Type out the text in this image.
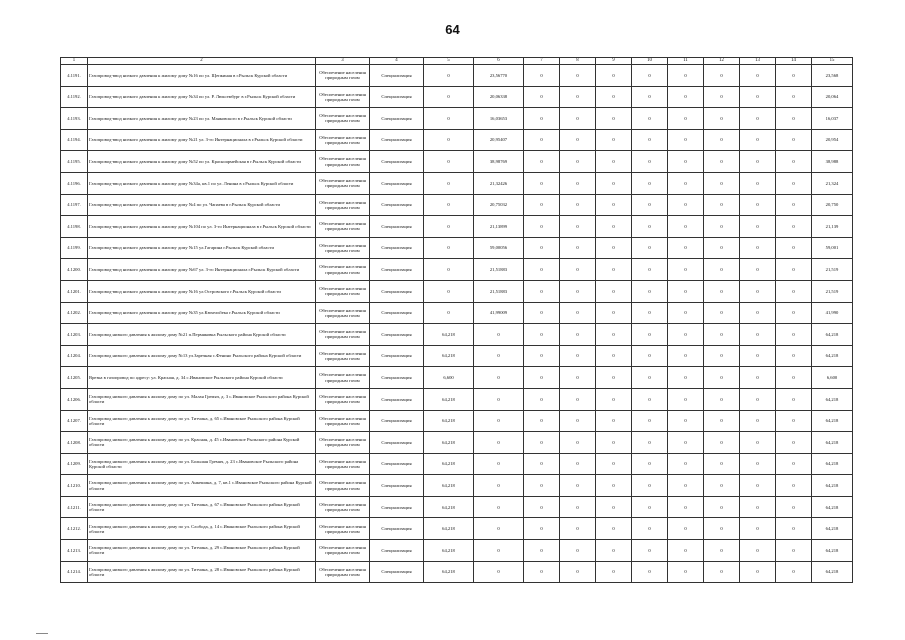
64
1	2	3	4	5	6	7	8	9	10	11	12	13	14	15
4.1191.	Газопровод-ввод низкого давления к жилому дому №16 по ул. Щепкиная в г.Рыльск Курской области	Обеспечение населения природным газом	Специализация	0	23,56770	0	0	0	0	0	0	0	0	23,568
4.1192.	Газопровод-ввод низкого давления к жилому дому №34 по ул. Р. Люксембург в г.Рыльск Курской области	Обеспечение населения природным газом	Специализация	0	20,06338	0	0	0	0	0	0	0	0	20,064
4.1193.	Газопровод-ввод низкого давления к жилому дому №23 по ул. Маяковского в г.Рыльск Курской области	Обеспечение населения природным газом	Специализация	0	16,03653	0	0	0	0	0	0	0	0	16,037
4.1194.	Газопровод-ввод низкого давления к жилому дому №21 ул. 3-го Интернационала в г.Рыльск Курской области	Обеспечение населения природным газом	Специализация	0	20,95407	0	0	0	0	0	0	0	0	20,954
4.1195.	Газопровод-ввод низкого давления к жилому дому №52 по ул. Красноармейская в г.Рыльск Курской области	Обеспечение населения природным газом	Специализация	0	38,98769	0	0	0	0	0	0	0	0	38,988
4.1196.	Газопровод-ввод низкого давления к жилому дому №34а, кв.1 по ул. Ленина в г.Рыльск Курской области	Обеспечение населения природным газом	Специализация	0	21,32426	0	0	0	0	0	0	0	0	21,324
4.1197.	Газопровод-ввод низкого давления к жилому дому №4 по ул. Чапаева в г.Рыльск Курской области	Обеспечение населения природным газом	Специализация	0	20,75032	0	0	0	0	0	0	0	0	20,750
4.1198.	Газопровод-ввод низкого давления к жилому дому №104 по ул. 3-го Интернационала в г.Рыльск Курской области	Обеспечение населения природным газом	Специализация	0	21,13899	0	0	0	0	0	0	0	0	21,139
4.1199.	Газопровод-ввод низкого давления к жилому дому №15 ул.Гагарина г.Рыльск Курской области	Обеспечение населения природным газом	Специализация	0	59,00056	0	0	0	0	0	0	0	0	59,001
4.1200.	Газопровод-ввод низкого давления к жилому дому №67 ул. 3-го Интернационала г.Рыльск Курской области	Обеспечение населения природным газом	Специализация	0	21,51883	0	0	0	0	0	0	0	0	21,519
4.1201.	Газопровод-ввод низкого давления к жилому дому №16 ул.Островского г.Рыльск Курской области	Обеспечение населения природным газом	Специализация	0	21,51883	0	0	0	0	0	0	0	0	21,519
4.1202.	Газопровод-ввод низкого давления к жилому дому №35 ул.Кюхельбека г.Рыльск Курской области	Обеспечение населения природным газом	Специализация	0	41,99009	0	0	0	0	0	0	0	0	41,990
4.1203.	Газопровод низкого давления к жилому дому №21 п.Пермяковка Рыльского района Курской области	Обеспечение населения природным газом	Специализация	64,218	0	0	0	0	0	0	0	0	0	64,218
4.1204.	Газопровод низкого давления к жилому дому №13 ул.Заречная с.Фенино Рыльского района Курской области	Обеспечение населения природным газом	Специализация	64,218	0	0	0	0	0	0	0	0	0	64,218
4.1205.	Врезка в газопровод по адресу: ул. Красная, д. 34 с.Ивановское Рыльского района Курской области	Обеспечение населения природным газом	Специализация	6,600	0	0	0	0	0	0	0	0	0	6,600
4.1206.	Газопровод низкого давления к жилому дому по ул. Малая Гремяч, д. 3 с.Ивановское Рыльского района Курской области	Обеспечение населения природным газом	Специализация	64,218	0	0	0	0	0	0	0	0	0	64,218
4.1207.	Газопровод низкого давления к жилому дому по ул. Титчина, д. 65 с.Ивановское Рыльского района Курской области	Обеспечение населения природным газом	Специализация	64,218	0	0	0	0	0	0	0	0	0	64,218
4.1208.	Газопровод низкого давления к жилому дому по ул. Красная, д. 45 с.Ивановское Рыльского района Курской области	Обеспечение населения природным газом	Специализация	64,218	0	0	0	0	0	0	0	0	0	64,218
4.1209.	Газопровод низкого давления к жилому дому по ул. Большая Гремяч, д. 23 с.Ивановское Рыльского района Курской области	Обеспечение населения природным газом	Специализация	64,218	0	0	0	0	0	0	0	0	0	64,218
4.1210.	Газопровод низкого давления к жилому дому по ул. Анкешина, д. 7, кв.1 с.Ивановское Рыльского района Курской области	Обеспечение населения природным газом	Специализация	64,218	0	0	0	0	0	0	0	0	0	64,218
4.1211.	Газопровод низкого давления к жилому дому по ул. Титчина, д. 67 с.Ивановское Рыльского района Курской области	Обеспечение населения природным газом	Специализация	64,218	0	0	0	0	0	0	0	0	0	64,218
4.1212.	Газопровод низкого давления к жилому дому по ул. Слобода, д. 14 с.Ивановское Рыльского района Курской области	Обеспечение населения природным газом	Специализация	64,218	0	0	0	0	0	0	0	0	0	64,218
4.1213.	Газопровод низкого давления к жилому дому по ул. Титчина, д. 29 с.Ивановское Рыльского района Курской области	Обеспечение населения природным газом	Специализация	64,218	0	0	0	0	0	0	0	0	0	64,218
4.1214.	Газопровод низкого давления к жилому дому по ул. Титчина, д. 28 с.Ивановское Рыльского района Курской области	Обеспечение населения природным газом	Специализация	64,218	0	0	0	0	0	0	0	0	0	64,218
